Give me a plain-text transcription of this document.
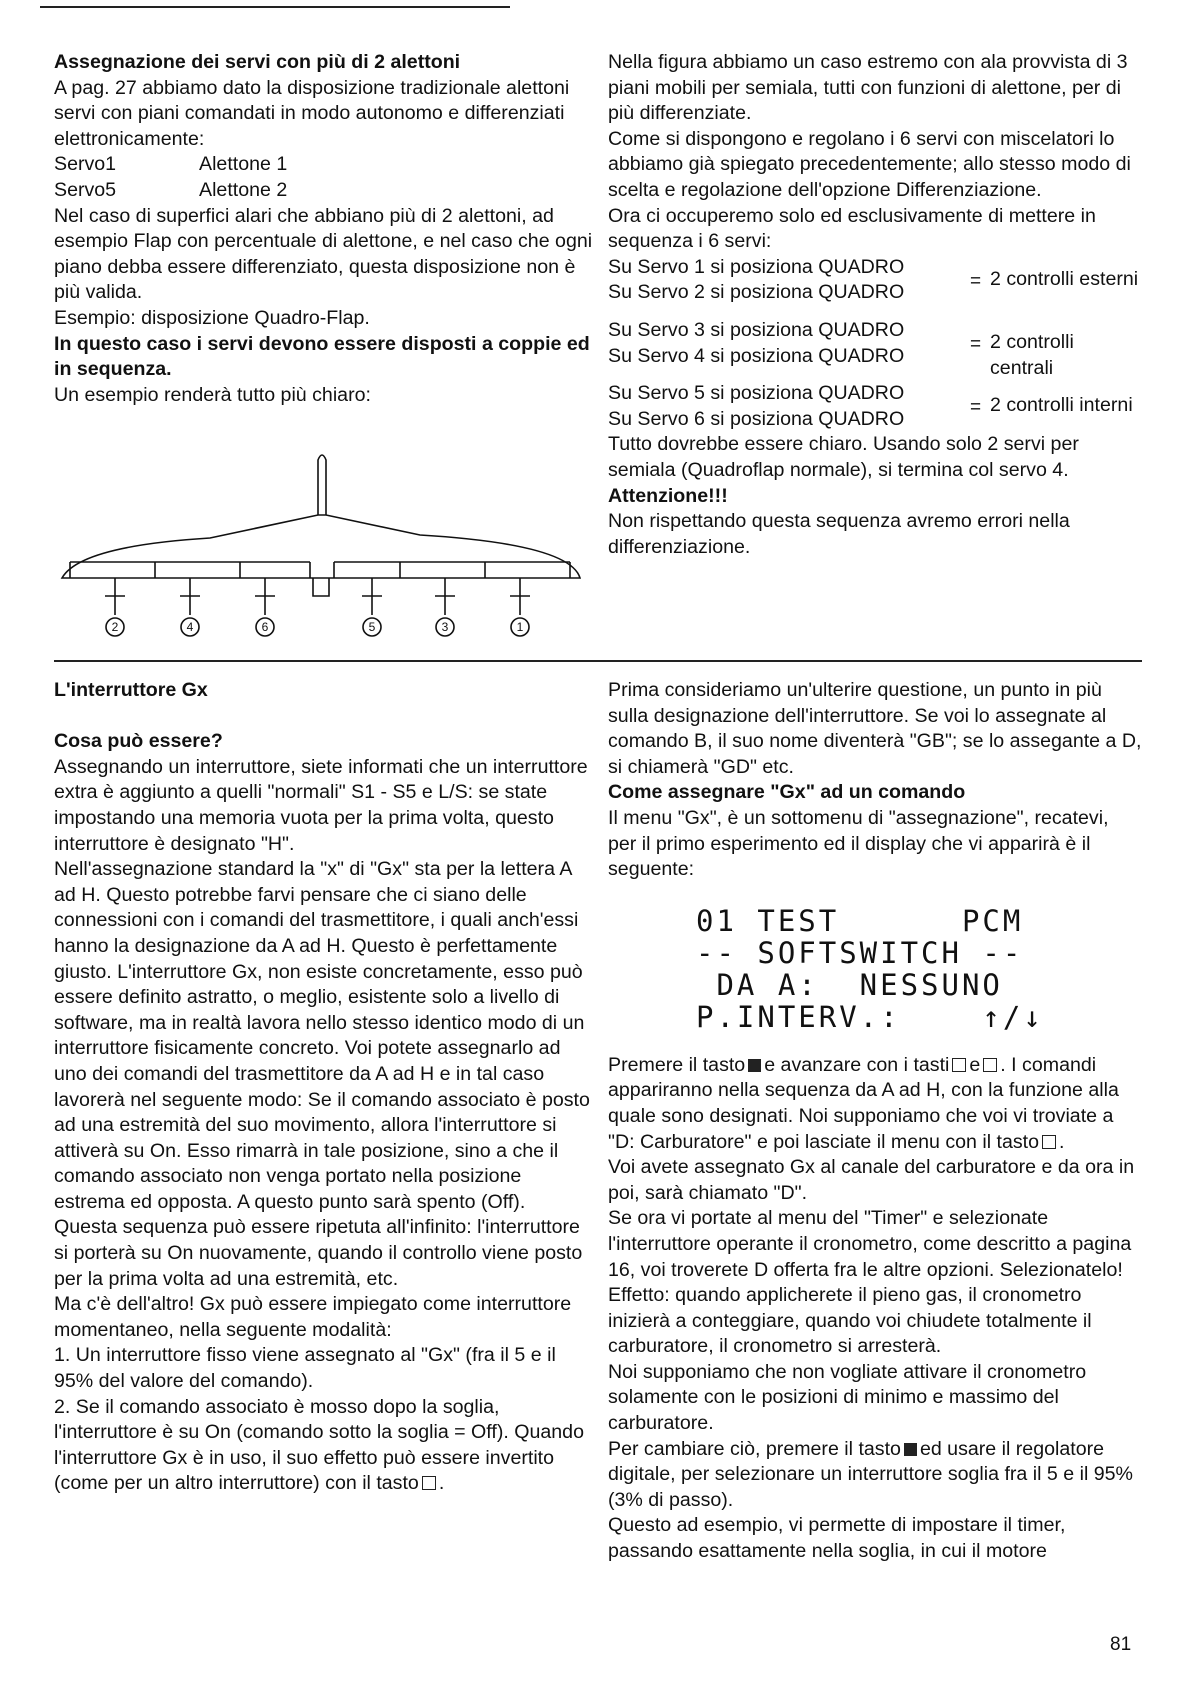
Assegnazione dei servi con più di 2 alettoni

A pag. 27 abbiamo dato la disposizione tradizionale alettoni servi con piani comandati in modo autonomo e differenziati elettronicamente:

Servo1	Alettone 1
Servo5	Alettone 2

Nel caso di superfici alari che abbiano più di 2 alettoni, ad esempio Flap con percentuale di alettone, e nel caso che ogni piano debba essere differenziato, questa disposizione non è più valida.

Esempio: disposizione Quadro-Flap.

In questo caso i servi devono essere disposti a coppie ed in sequenza.

Un esempio renderà tutto più chiaro:

2	4	6	5	3	1

Nella figura abbiamo un caso estremo con ala provvista di 3 piani mobili per semiala, tutti con funzioni di alettone, per di più differenziate.

Come si dispongono e regolano i 6 servi con miscelatori lo abbiamo già spiegato precedentemente; allo stesso modo di scelta e regolazione dell'opzione Differenziazione.

Ora ci occuperemo solo ed esclusivamente di mettere in sequenza i 6 servi:

Su Servo 1 si posiziona QUADRO
Su Servo 2 si posiziona QUADRO
= 2 controlli esterni
Su Servo 3 si posiziona QUADRO
Su Servo 4 si posiziona QUADRO
= 2 controlli centrali
Su Servo 5 si posiziona QUADRO
Su Servo 6 si posiziona QUADRO
= 2 controlli interni

Tutto dovrebbe essere chiaro. Usando solo 2 servi per semiala (Quadroflap normale), si termina col servo 4.

Attenzione!!!

Non rispettando questa sequenza avremo errori nella differenziazione.

L'interruttore Gx

Cosa può essere?

Assegnando un interruttore, siete informati che un interruttore extra è aggiunto a quelli "normali" S1 - S5 e L/S: se state impostando una memoria vuota per la prima volta, questo interruttore è designato "H".

Nell'assegnazione standard la "x" di "Gx" sta per la lettera A ad H. Questo potrebbe farvi pensare che ci siano delle connessioni con i comandi del trasmettitore, i quali anch'essi hanno la designazione da A ad H. Questo è perfettamente giusto. L'interruttore Gx, non esiste concretamente, esso può essere definito astratto, o meglio, esistente solo a livello di software, ma in realtà lavora nello stesso identico modo di un interruttore fisicamente concreto. Voi potete assegnarlo ad uno dei comandi del trasmettitore da A ad H e in tal caso lavorerà nel seguente modo: Se il comando associato è posto ad una estremità del suo movimento, allora l'interruttore si attiverà su On. Esso rimarrà in tale posizione, sino a che il comando associato non venga portato nella posizione estrema ed opposta. A questo punto sarà spento (Off).

Questa sequenza può essere ripetuta all'infinito: l'interruttore si porterà su On nuovamente, quando il controllo viene posto per la prima volta ad una estremità, etc.

Ma c'è dell'altro! Gx può essere impiegato come interruttore momentaneo, nella seguente modalità:

1. Un interruttore fisso viene assegnato al "Gx" (fra il 5 e il 95% del valore del comando).

2. Se il comando associato è mosso dopo la soglia, l'interruttore è su On (comando sotto la soglia = Off). Quando l'interruttore Gx è in uso, il suo effetto può essere invertito (come per un altro interruttore) con il tasto .

Prima consideriamo un'ulterire questione, un punto in più sulla designazione dell'interruttore. Se voi lo assegnate al comando B, il suo nome diventerà "GB"; se lo assegante a D, si chiamerà "GD" etc.

Come assegnare "Gx" ad un comando

Il menu "Gx", è un sottomenu di "assegnazione", recatevi, per il primo esperimento ed il display che vi apparirà è il seguente:

01 TEST      PCM
-- SOFTSWITCH --
DA A:  NESSUNO
P.INTERV.:    ↑∕↓

Premere il tasto e avanzare con i tasti e . I comandi appariranno nella sequenza da A ad H, con la funzione alla quale sono designati. Noi supponiamo che voi vi troviate a "D: Carburatore" e poi lasciate il menu con il tasto .

Voi avete assegnato Gx al canale del carburatore e da ora in poi, sarà chiamato "D".

Se ora vi portate al menu del "Timer" e selezionate l'interruttore operante il cronometro, come descritto a pagina 16, voi troverete D offerta fra le altre opzioni. Selezionatelo!

Effetto: quando applicherete il pieno gas, il cronometro inizierà a conteggiare, quando voi chiudete totalmente il carburatore, il cronometro si arresterà.

Noi supponiamo che non vogliate attivare il cronometro solamente con le posizioni di minimo e massimo del carburatore.

Per cambiare ciò, premere il tasto ed usare il regolatore digitale, per selezionare un interruttore soglia fra il 5 e il 95% (3% di passo).

Questo ad esempio, vi permette di impostare il timer, passando esattamente nella soglia, in cui il motore

81
